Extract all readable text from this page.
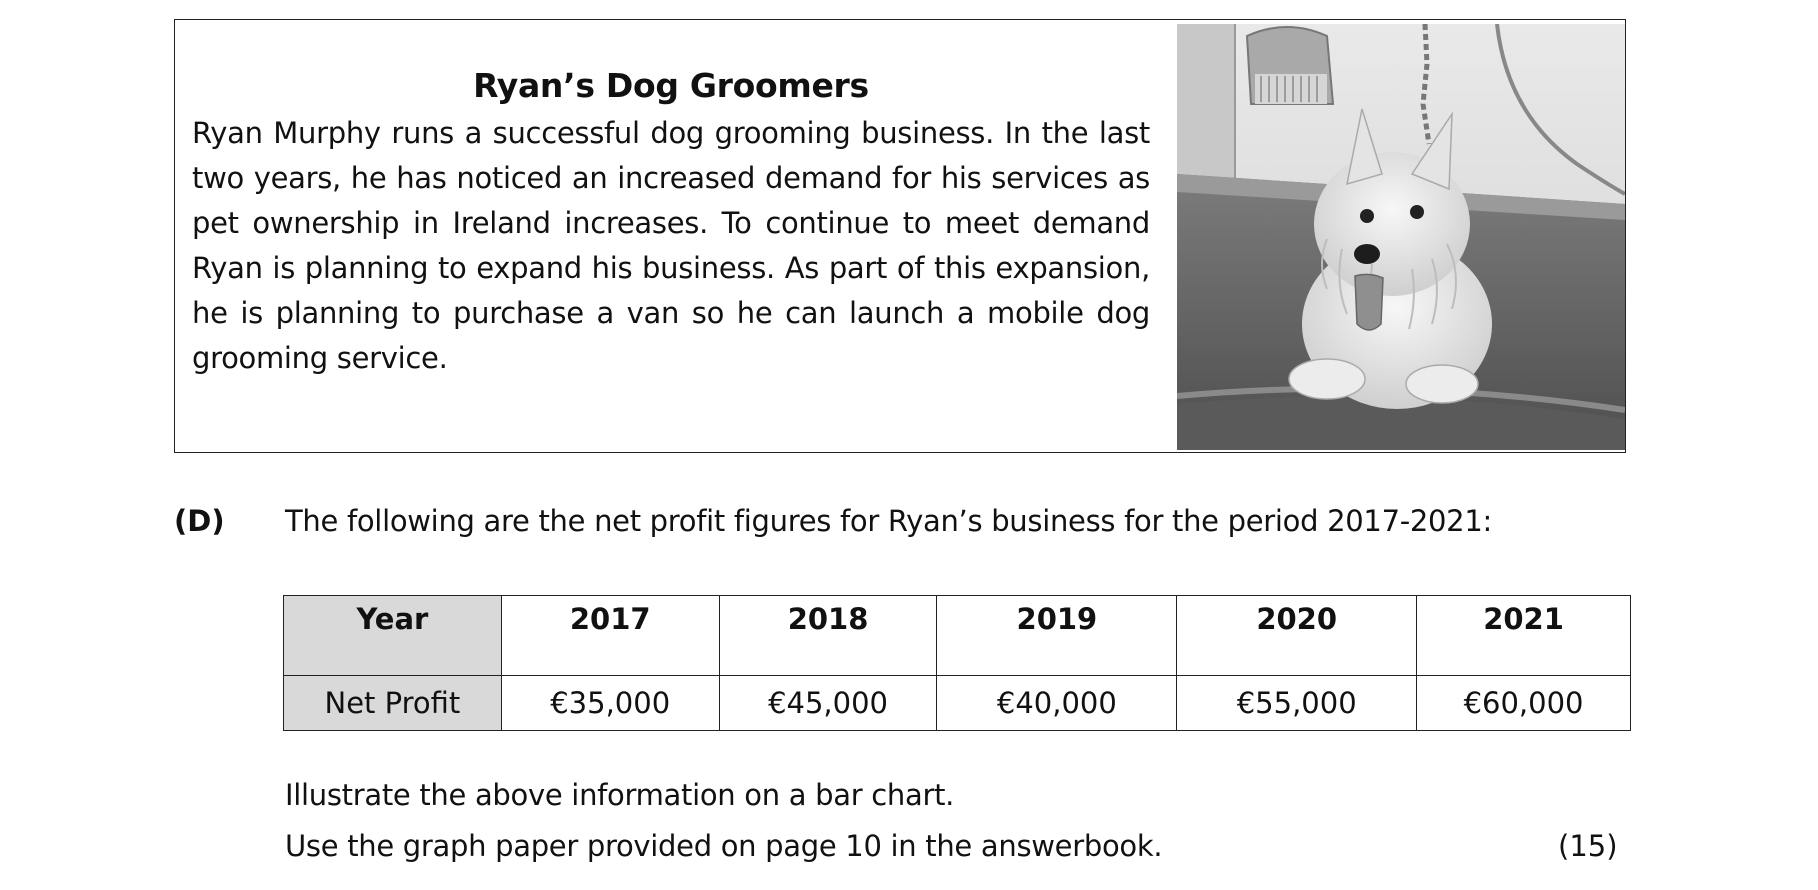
Ryan’s Dog Groomers

Ryan Murphy runs a successful dog grooming business. In the last two years, he has noticed an increased demand for his services as pet ownership in Ireland increases. To continue to meet demand Ryan is planning to expand his business. As part of this expansion, he is planning to purchase a van so he can launch a mobile dog grooming service.

(D) The following are the net profit figures for Ryan’s business for the period 2017-2021:
Year	2017	2018	2019	2020	2021
Net Profit	€35,000	€45,000	€40,000	€55,000	€60,000
Illustrate the above information on a bar chart.
Use the graph paper provided on page 10 in the answerbook.	(15)
